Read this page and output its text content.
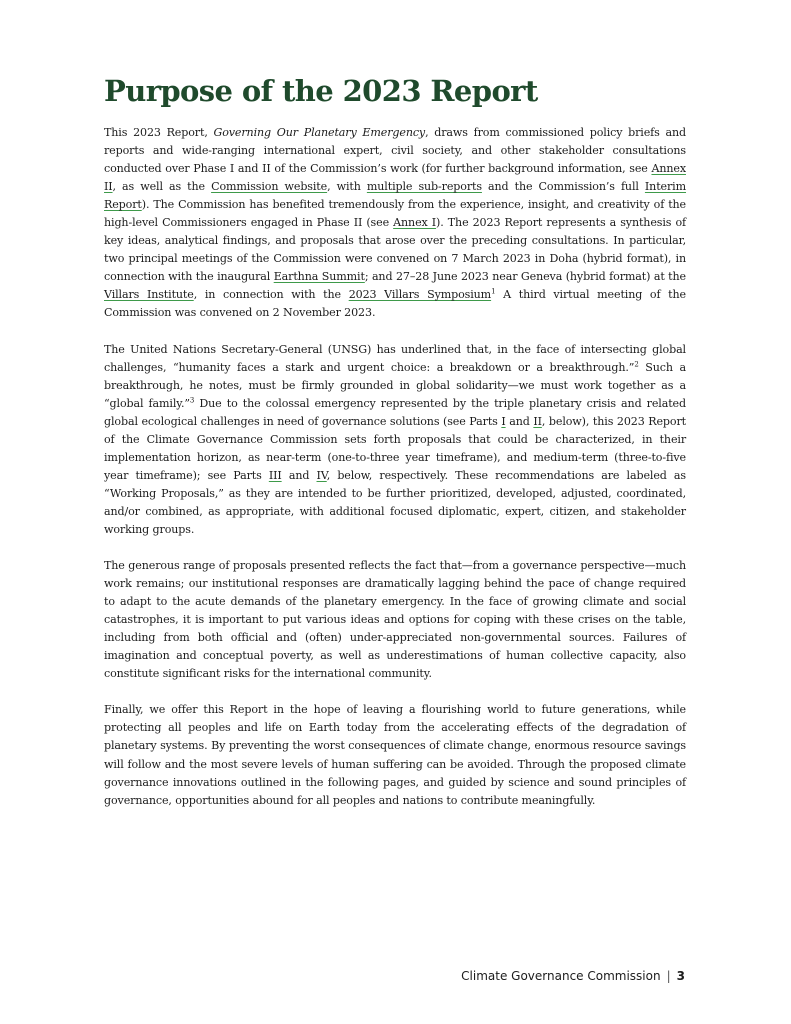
Purpose of the 2023 Report

This 2023 Report, Governing Our Planetary Emergency, draws from commissioned policy briefs and reports and wide-ranging international expert, civil society, and other stakeholder consultations conducted over Phase I and II of the Commission’s work (for further background information, see Annex II, as well as the Commission website, with multiple sub-reports and the Commission’s full Interim Report). The Commission has benefited tremendously from the experience, insight, and creativity of the high-level Commissioners engaged in Phase II (see Annex I). The 2023 Report represents a synthesis of key ideas, analytical findings, and proposals that arose over the preceding consultations. In particular, two principal meetings of the Commission were convened on 7 March 2023 in Doha (hybrid format), in connection with the inaugural Earthna Summit; and 27–28 June 2023 near Geneva (hybrid format) at the Villars Institute, in connection with the 2023 Villars Symposium$^1$ A third virtual meeting of the Commission was convened on 2 November 2023.

The United Nations Secretary-General (UNSG) has underlined that, in the face of intersecting global challenges, “humanity faces a stark and urgent choice: a breakdown or a breakthrough.”$^2$ Such a breakthrough, he notes, must be firmly grounded in global solidarity—we must work together as a “global family.”$^3$ Due to the colossal emergency represented by the triple planetary crisis and related global ecological challenges in need of governance solutions (see Parts I and II, below), this 2023 Report of the Climate Governance Commission sets forth proposals that could be characterized, in their implementation horizon, as near-term (one-to-three year timeframe), and medium-term (three-to-five year timeframe); see Parts III and IV, below, respectively. These recommendations are labeled as “Working Proposals,” as they are intended to be further prioritized, developed, adjusted, coordinated, and/or combined, as appropriate, with additional focused diplomatic, expert, citizen, and stakeholder working groups.

The generous range of proposals presented reflects the fact that—from a governance perspective—much work remains; our institutional responses are dramatically lagging behind the pace of change required to adapt to the acute demands of the planetary emergency. In the face of growing climate and social catastrophes, it is important to put various ideas and options for coping with these crises on the table, including from both official and (often) under-appreciated non-governmental sources. Failures of imagination and conceptual poverty, as well as underestimations of human collective capacity, also constitute significant risks for the international community.

Finally, we offer this Report in the hope of leaving a flourishing world to future generations, while protecting all peoples and life on Earth today from the accelerating effects of the degradation of planetary systems. By preventing the worst consequences of climate change, enormous resource savings will follow and the most severe levels of human suffering can be avoided. Through the proposed climate governance innovations outlined in the following pages, and guided by science and sound principles of governance, opportunities abound for all peoples and nations to contribute meaningfully.

Climate Governance Commission | 3
